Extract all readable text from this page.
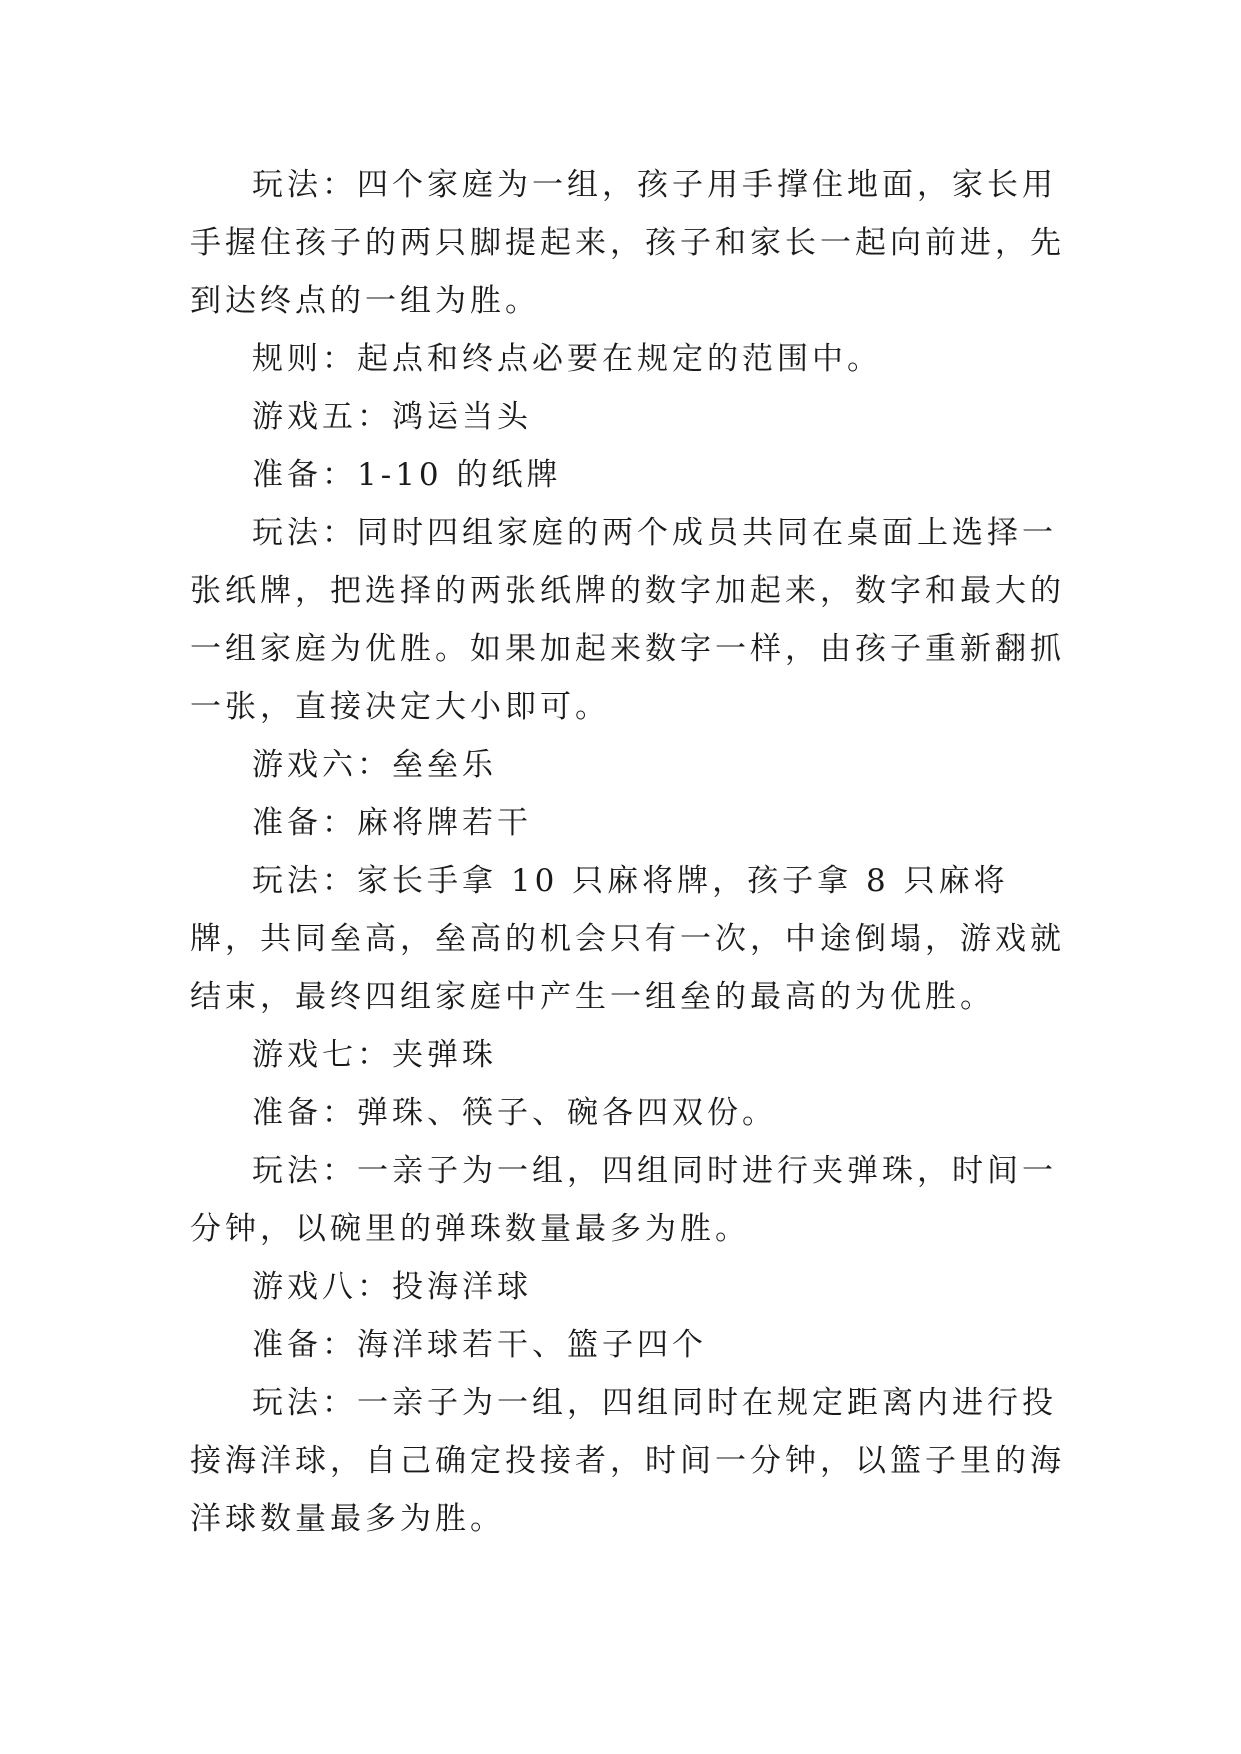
玩法：四个家庭为一组，孩子用手撑住地面，家长用手握住孩子的两只脚提起来，孩子和家长一起向前进，先到达终点的一组为胜。

规则：起点和终点必要在规定的范围中。

游戏五：鸿运当头

准备：1-10 的纸牌

玩法：同时四组家庭的两个成员共同在桌面上选择一张纸牌，把选择的两张纸牌的数字加起来，数字和最大的一组家庭为优胜。如果加起来数字一样，由孩子重新翻抓一张，直接决定大小即可。

游戏六：垒垒乐

准备：麻将牌若干

玩法：家长手拿 10 只麻将牌，孩子拿 8 只麻将牌，共同垒高，垒高的机会只有一次，中途倒塌，游戏就结束，最终四组家庭中产生一组垒的最高的为优胜。

游戏七：夹弹珠

准备：弹珠、筷子、碗各四双份。

玩法：一亲子为一组，四组同时进行夹弹珠，时间一分钟，以碗里的弹珠数量最多为胜。

游戏八：投海洋球

准备：海洋球若干、篮子四个

玩法：一亲子为一组，四组同时在规定距离内进行投接海洋球，自己确定投接者，时间一分钟，以篮子里的海洋球数量最多为胜。
